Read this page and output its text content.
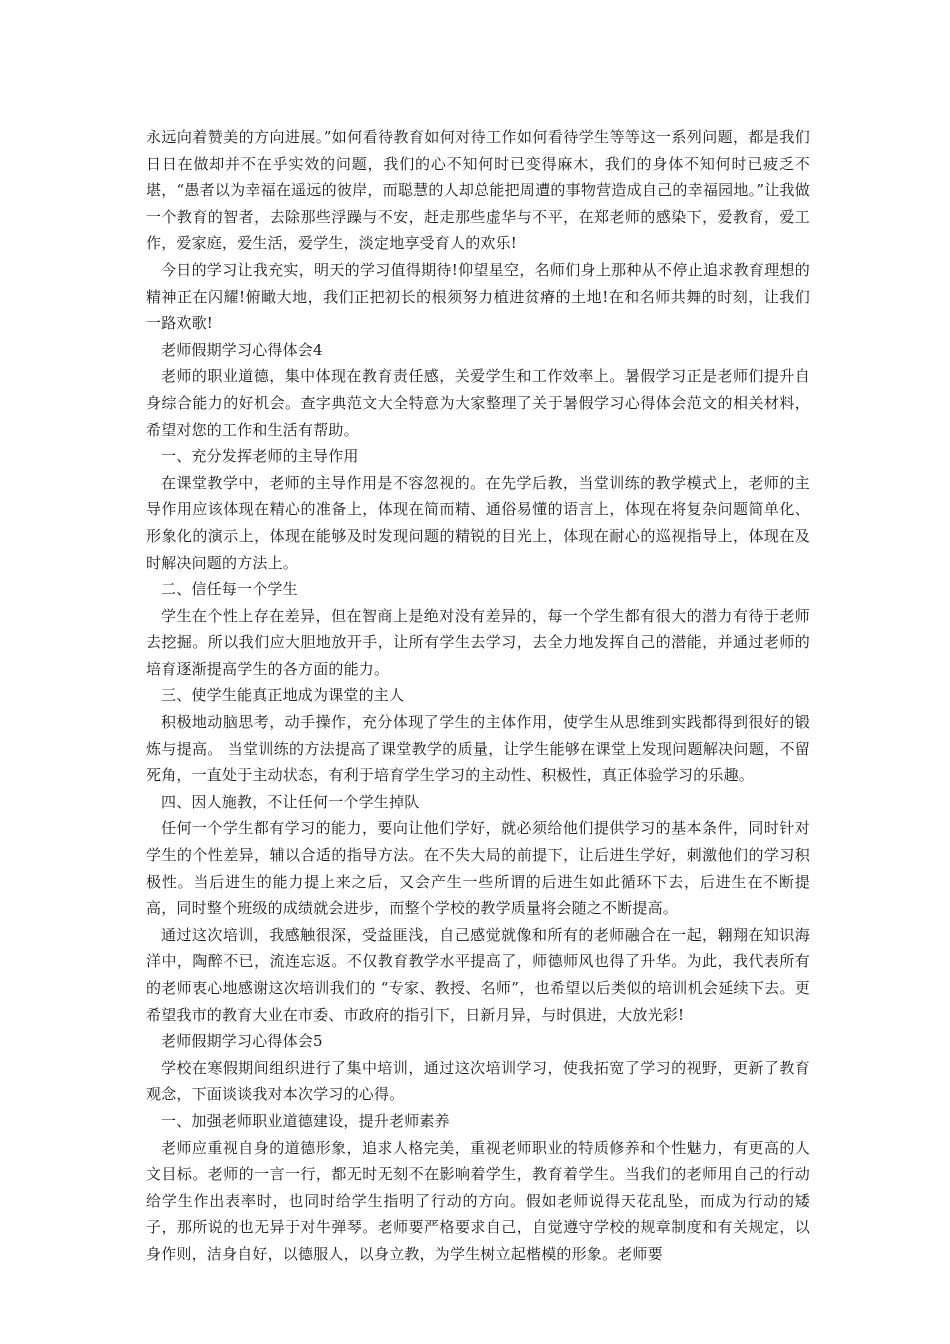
永远向着赞美的方向进展。”如何看待教育如何对待工作如何看待学生等等这一系列问题，都是我们日日在做却并不在乎实效的问题，我们的心不知何时已变得麻木，我们的身体不知何时已疲乏不堪，“愚者以为幸福在遥远的彼岸，而聪慧的人却总能把周遭的事物营造成自己的幸福园地。”让我做一个教育的智者，去除那些浮躁与不安，赶走那些虚华与不平，在郑老师的感染下，爱教育，爱工作，爱家庭，爱生活，爱学生，淡定地享受育人的欢乐!

今日的学习让我充实，明天的学习值得期待!仰望星空，名师们身上那种从不停止追求教育理想的精神正在闪耀!俯瞰大地，我们正把初长的根须努力植进贫瘠的土地!在和名师共舞的时刻，让我们一路欢歌!

老师假期学习心得体会4

老师的职业道德，集中体现在教育责任感，关爱学生和工作效率上。暑假学习正是老师们提升自身综合能力的好机会。查字典范文大全特意为大家整理了关于暑假学习心得体会范文的相关材料，希望对您的工作和生活有帮助。

一、充分发挥老师的主导作用

在课堂教学中，老师的主导作用是不容忽视的。在先学后教，当堂训练的教学模式上，老师的主导作用应该体现在精心的准备上，体现在简而精、通俗易懂的语言上，体现在将复杂问题简单化、形象化的演示上，体现在能够及时发现问题的精锐的目光上，体现在耐心的巡视指导上，体现在及时解决问题的方法上。

二、信任每一个学生

学生在个性上存在差异，但在智商上是绝对没有差异的，每一个学生都有很大的潜力有待于老师去挖掘。所以我们应大胆地放开手，让所有学生去学习，去全力地发挥自己的潜能，并通过老师的培育逐渐提高学生的各方面的能力。

三、使学生能真正地成为课堂的主人

积极地动脑思考，动手操作，充分体现了学生的主体作用，使学生从思维到实践都得到很好的锻炼与提高。 当堂训练的方法提高了课堂教学的质量，让学生能够在课堂上发现问题解决问题，不留死角，一直处于主动状态，有利于培育学生学习的主动性、积极性，真正体验学习的乐趣。

四、因人施教，不让任何一个学生掉队

任何一个学生都有学习的能力，要向让他们学好，就必须给他们提供学习的基本条件，同时针对学生的个性差异，辅以合适的指导方法。在不失大局的前提下，让后进生学好，刺激他们的学习积极性。当后进生的能力提上来之后，又会产生一些所谓的后进生如此循环下去，后进生在不断提高，同时整个班级的成绩就会进步，而整个学校的教学质量将会随之不断提高。

通过这次培训，我感触很深，受益匪浅，自己感觉就像和所有的老师融合在一起，翱翔在知识海洋中，陶醉不已，流连忘返。不仅教育教学水平提高了，师德师风也得了升华。为此，我代表所有的老师衷心地感谢这次培训我们的 “专家、教授、名师”，也希望以后类似的培训机会延续下去。更希望我市的教育大业在市委、市政府的指引下，日新月异，与时俱进，大放光彩!

老师假期学习心得体会5

学校在寒假期间组织进行了集中培训，通过这次培训学习，使我拓宽了学习的视野，更新了教育观念，下面谈谈我对本次学习的心得。

一、加强老师职业道德建设，提升老师素养

老师应重视自身的道德形象，追求人格完美，重视老师职业的特质修养和个性魅力，有更高的人文目标。老师的一言一行，都无时无刻不在影响着学生，教育着学生。当我们的老师用自己的行动给学生作出表率时，也同时给学生指明了行动的方向。假如老师说得天花乱坠，而成为行动的矮子，那所说的也无异于对牛弹琴。老师要严格要求自己，自觉遵守学校的规章制度和有关规定，以身作则，洁身自好，以德服人，以身立教，为学生树立起楷模的形象。老师要
